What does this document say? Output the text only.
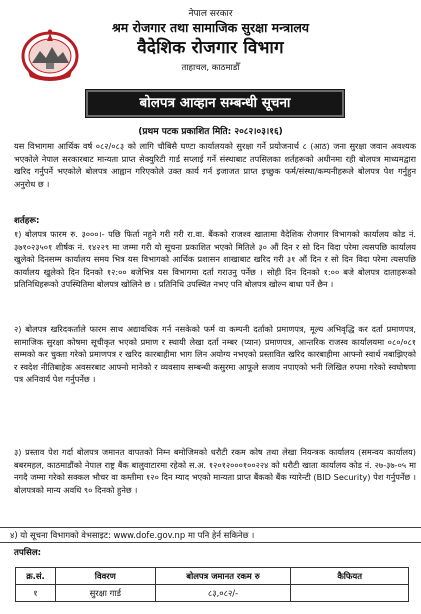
नेपाल सरकार
श्रम रोजगार तथा सामाजिक सुरक्षा मन्त्रालय
वैदेशिक रोजगार विभाग
ताहाचल, काठमाडौँ
बोलपत्र आव्हान सम्बन्धी सूचना
(प्रथम पटक प्रकाशित मिति: २०८२।०३।१६)

यस विभागमा आर्थिक वर्ष ०८२/०८३ को लागि चौबिसै घण्टा कार्यालयको सुरक्षा गर्ने प्रयोजनार्थ ८ (आठ) जना सुरक्षा जवान अवश्यक भएकोले नेपाल सरकारबाट मान्यता प्राप्त सेक्युरिटी गार्ड सप्लाई गर्ने संस्थाबाट तपसिलका शर्तहरूको अधीनमा रही बोलपत्र माध्यमद्वारा खरिद गर्नुपर्ने भएकोले बोलपत्र आह्वान गरिएकोले उक्त कार्य गर्न इजाजत प्राप्त इच्छुक फर्म/संस्था/कम्पनीहरूले बोलपत्र पेश गर्नुहुन अनुरोध छ ।

शर्तहरू:

१) बोलपत्र फारम रु. ३०००।- पछि फिर्ता नहुने गरी गरी रा.वा. बैंकको राजश्व खातामा वैदेशिक रोजगार विभागको कार्यालय कोड नं. ३७१०२३५०१ शीर्षक नं. १४२२९ मा जम्मा गरी यो सूचना प्रकाशित भएको मितिले ३० औं दिन र सो दिन विदा परेमा त्यसपछि कार्यालय खुलेको दिनसम्म कार्यालय समय भित्र यस विभागको आर्थिक प्रशासन शाखाबाट खरिद गरी ३१ औं दिन र सो दिन विदा परेमा त्यसपछि कार्यालय खुलेको दिन दिनको १२:०० बजेभित्र यस विभागमा दर्ता गराउनु पर्नेछ । सोही दिन दिनको १:०० बजे बोलपत्र दाताहरूको प्रतिनिधिहरूको उपस्थितिमा बोलपत्र खोलिने छ । प्रतिनिधि उपस्थित नभए पनि बोलपत्र खोल्न बाधा पर्ने छैन ।

२) बोलपत्र खरिदकर्ताले फारम साथ अद्यावधिक गर्न नसकेको फर्म वा कम्पनी दर्ताको प्रमाणपत्र, मूल्य अभिवृद्धि कर दर्ता प्रमाणपत्र, सामाजिक सुरक्षा कोषमा सूचीकृत भएको प्रमाण र स्थायी लेखा दर्ता नम्बर (प्यान) प्रमाणपत्र, आन्तरिक राजस्व कार्यालयमा ०८०/०८१ सम्मको कर चुक्ता गरेको प्रमाणपत्र र खरिद कारबाहीमा भाग लिन अयोग्य नभएको प्रस्तावित खरिद कारबाहीमा आफ्नो स्वार्थ नबाझिएको र स्वदेश नीतिबाहेक अवसरबाट आफ्नो मानेको र व्यवसाय सम्बन्धी कसुरमा आफूले सजाय नपाएको भनी लिखित रुपमा गरेको स्वघोषणा पत्र अनिवार्य पेश गर्नुपर्नेछ ।

३) प्रस्ताव पेश गर्दा बोलपत्र जमानत वापतको निम्न बमोजिमको धरौटी रकम कोष तथा लेखा नियन्त्रक कार्यालय (समन्वय कार्यालय) बबरमहल, काठमाडौंको नेपाल राष्ट्र बैंक बालुवाटारमा रहेको स.अ. १२०१२०००१००२२४ को धरौटी खाता कार्यालय कोड नं. २७-३७-०५ मा नगदै जम्मा गरेको सक्कल भौचर वा कम्तीमा १२० दिन म्याद भएको मान्यता प्राप्त बैंकको बैंक ग्यारेन्टी (BID Security) पेश गर्नुपर्नेछ । बोलपत्रको मान्य अवधि ९० दिनको हुनेछ ।

४) यो सूचना विभागको वेभसाइट: www.dofe.gov.np मा पनि हेर्न सकिनेछ ।
तपसिल:
क्र.सं.	विवरण	बोलपत्र जमानत रकम रु	कैफियत
१	सुरक्षा गार्ड	८३,०८२/-	
